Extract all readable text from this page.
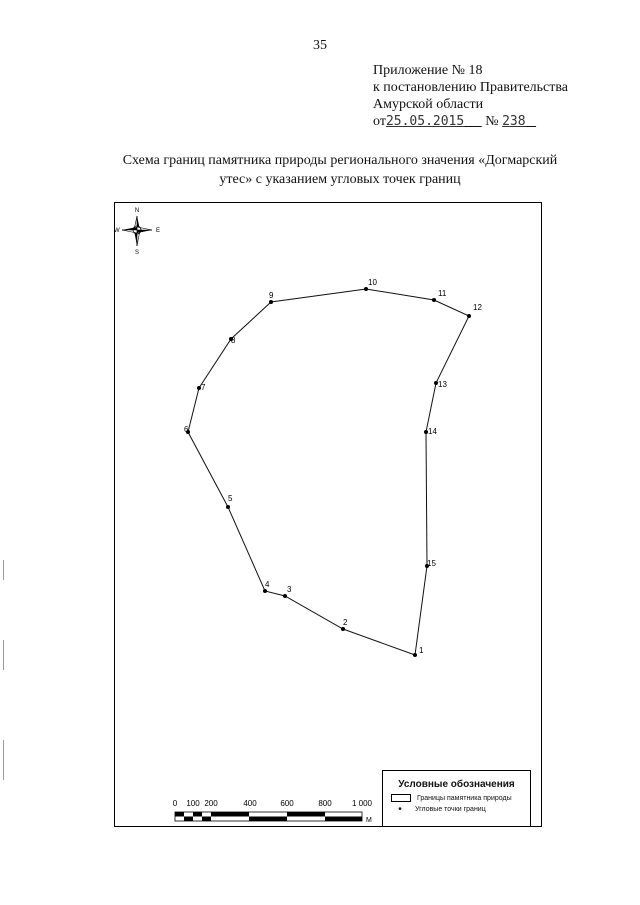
35
Приложение № 18
к постановлению Правительства
Амурской области
от25.05.2015 № 238
Схема границ памятника природы регионального значения «Догмарский
утес» с указанием угловых точек границ
N
S
E
W
1
2
3
4
5
6
7
8
9
10
11
12
13
14
15
0 100 200	400	600	800	1 000
М
Условные обозначения
Границы памятника природы
•	Угловые точки границ
